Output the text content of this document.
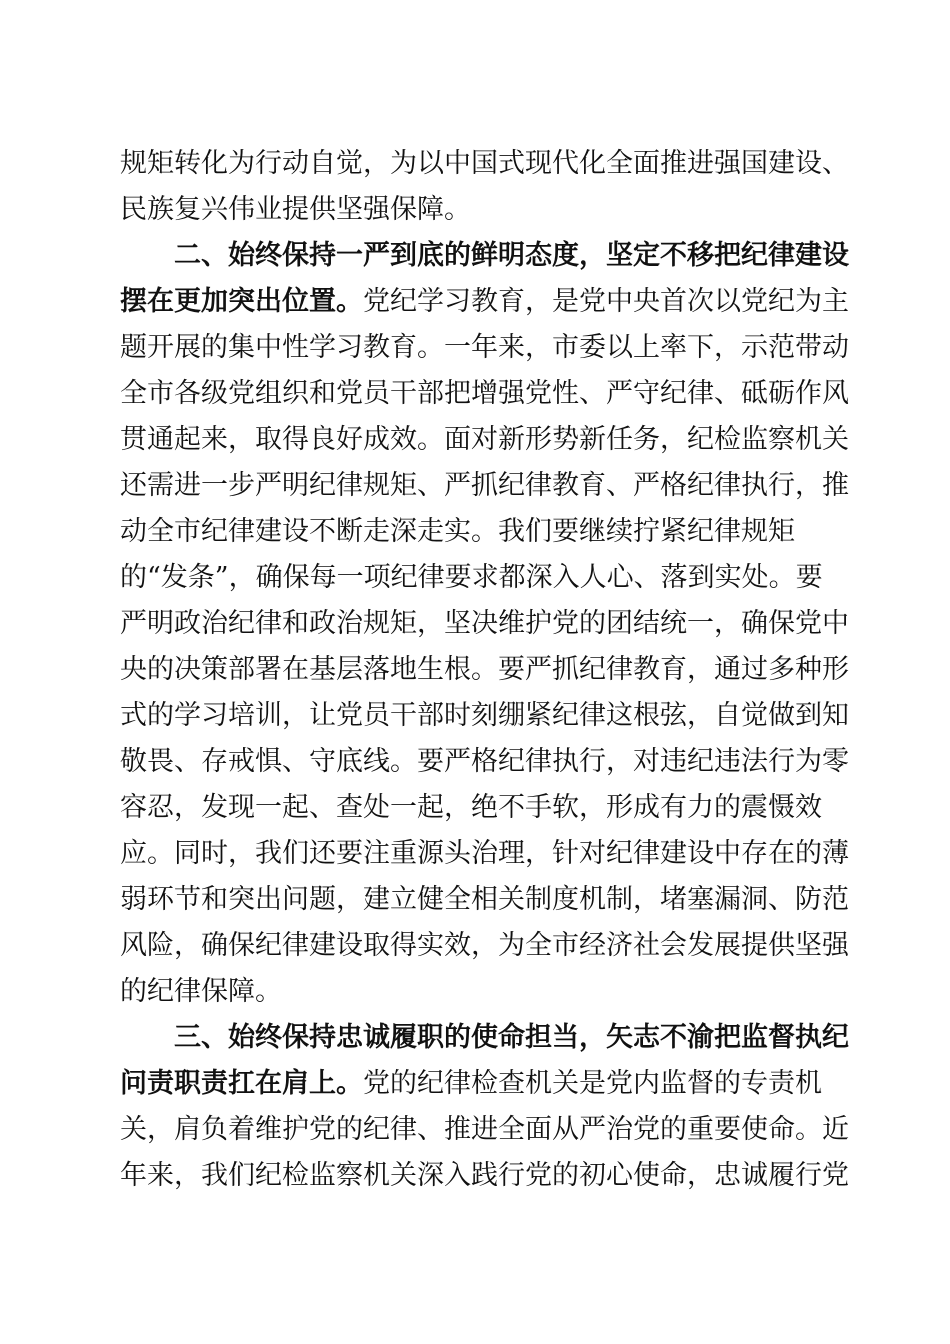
规矩转化为行动自觉，为以中国式现代化全面推进强国建设、
民族复兴伟业提供坚强保障。
二、始终保持一严到底的鲜明态度，坚定不移把纪律建设
摆在更加突出位置。党纪学习教育，是党中央首次以党纪为主
题开展的集中性学习教育。一年来，市委以上率下，示范带动
全市各级党组织和党员干部把增强党性、严守纪律、砥砺作风
贯通起来，取得良好成效。面对新形势新任务，纪检监察机关
还需进一步严明纪律规矩、严抓纪律教育、严格纪律执行，推
动全市纪律建设不断走深走实。我们要继续拧紧纪律规矩
的“发条”，确保每一项纪律要求都深入人心、落到实处。要
严明政治纪律和政治规矩，坚决维护党的团结统一，确保党中
央的决策部署在基层落地生根。要严抓纪律教育，通过多种形
式的学习培训，让党员干部时刻绷紧纪律这根弦，自觉做到知
敬畏、存戒惧、守底线。要严格纪律执行，对违纪违法行为零
容忍，发现一起、查处一起，绝不手软，形成有力的震慑效
应。同时，我们还要注重源头治理，针对纪律建设中存在的薄
弱环节和突出问题，建立健全相关制度机制，堵塞漏洞、防范
风险，确保纪律建设取得实效，为全市经济社会发展提供坚强
的纪律保障。
三、始终保持忠诚履职的使命担当，矢志不渝把监督执纪
问责职责扛在肩上。党的纪律检查机关是党内监督的专责机
关，肩负着维护党的纪律、推进全面从严治党的重要使命。近
年来，我们纪检监察机关深入践行党的初心使命，忠诚履行党
